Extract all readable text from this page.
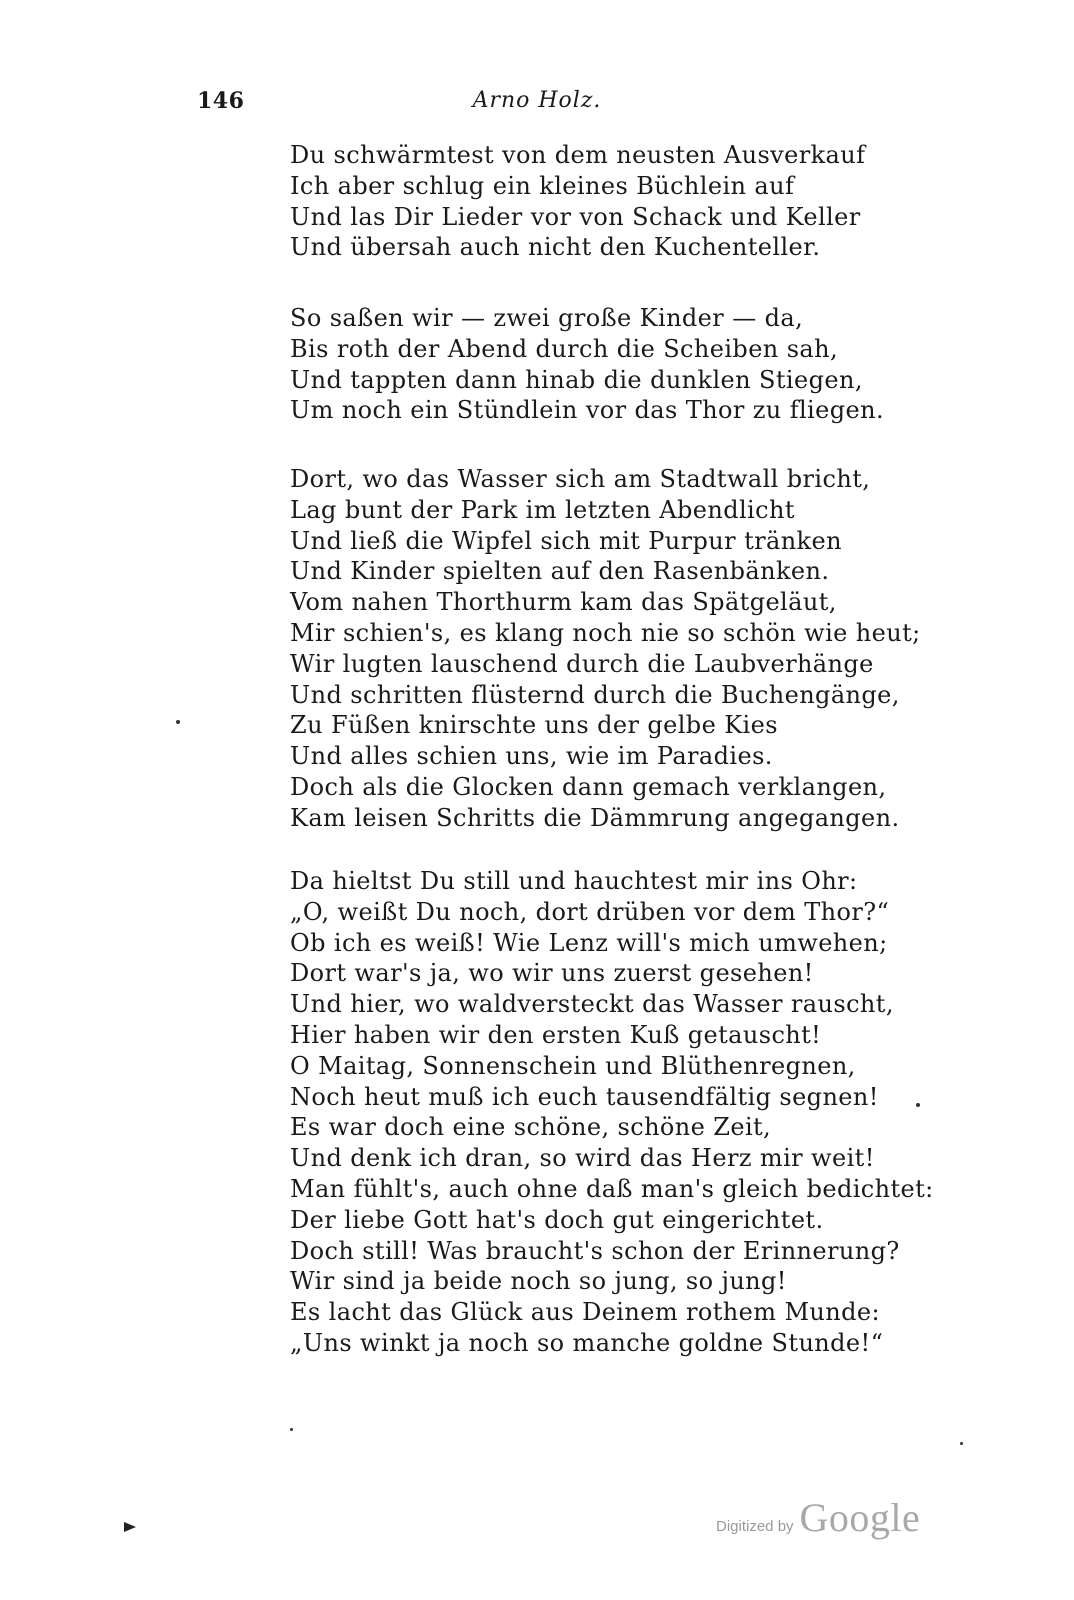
146	Arno Holz.
Du schwärmtest von dem neusten Ausverkauf
Ich aber schlug ein kleines Büchlein auf
Und las Dir Lieder vor von Schack und Keller
Und übersah auch nicht den Kuchenteller.
So saßen wir — zwei große Kinder — da,
Bis roth der Abend durch die Scheiben sah,
Und tappten dann hinab die dunklen Stiegen,
Um noch ein Stündlein vor das Thor zu fliegen.
Dort, wo das Wasser sich am Stadtwall bricht,
Lag bunt der Park im letzten Abendlicht
Und ließ die Wipfel sich mit Purpur tränken
Und Kinder spielten auf den Rasenbänken.
Vom nahen Thorthurm kam das Spätgeläut,
Mir schien's, es klang noch nie so schön wie heut;
Wir lugten lauschend durch die Laubverhänge
Und schritten flüsternd durch die Buchengänge,
Zu Füßen knirschte uns der gelbe Kies
Und alles schien uns, wie im Paradies.
Doch als die Glocken dann gemach verklangen,
Kam leisen Schritts die Dämmrung angegangen.
Da hieltst Du still und hauchtest mir ins Ohr:
„O, weißt Du noch, dort drüben vor dem Thor?“
Ob ich es weiß! Wie Lenz will's mich umwehen;
Dort war's ja, wo wir uns zuerst gesehen!
Und hier, wo waldversteckt das Wasser rauscht,
Hier haben wir den ersten Kuß getauscht!
O Maitag, Sonnenschein und Blüthenregnen,
Noch heut muß ich euch tausendfältig segnen!
Es war doch eine schöne, schöne Zeit,
Und denk ich dran, so wird das Herz mir weit!
Man fühlt's, auch ohne daß man's gleich bedichtet:
Der liebe Gott hat's doch gut eingerichtet.
Doch still! Was braucht's schon der Erinnerung?
Wir sind ja beide noch so jung, so jung!
Es lacht das Glück aus Deinem rothem Munde:
„Uns winkt ja noch so manche goldne Stunde!“
Digitized by Google
